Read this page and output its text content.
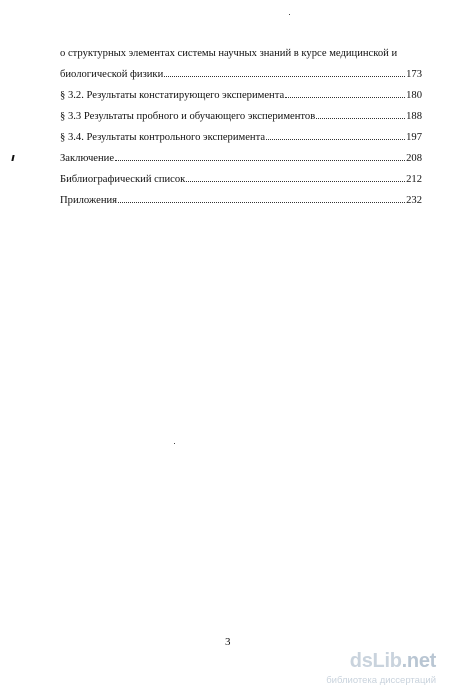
о структурных элементах системы научных знаний в курсе медицинской и
биологической физики	173
§ 3.2. Результаты констатирующего эксперимента	180
§ 3.3 Результаты пробного и обучающего экспериментов	188
§ 3.4. Результаты контрольного эксперимента	197
Заключение	208
Библиографический список	212
Приложения	232
3
dsLib.net
библиотека диссертаций
